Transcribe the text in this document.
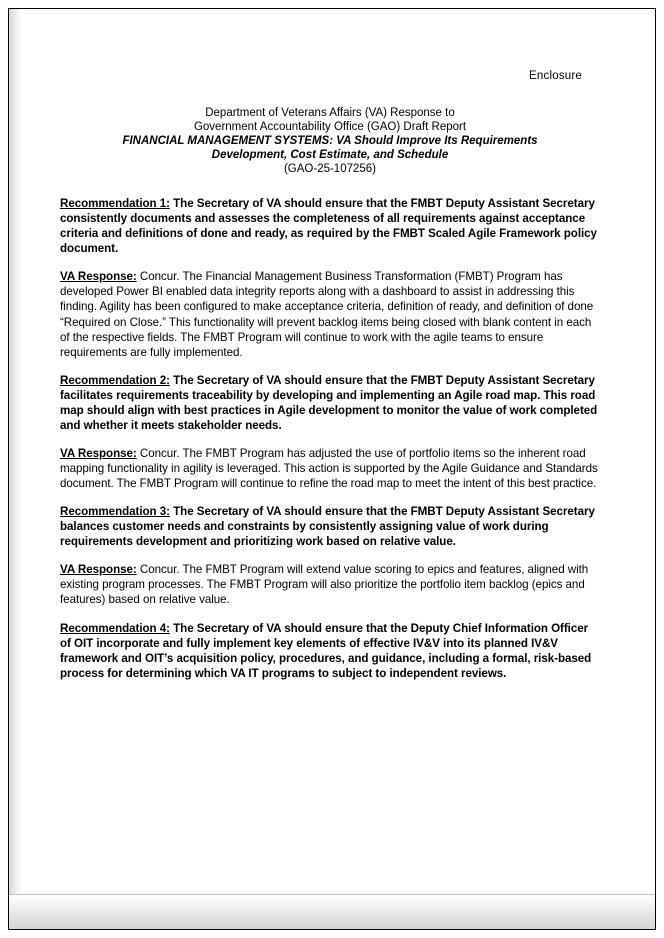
Enclosure
Department of Veterans Affairs (VA) Response to
Government Accountability Office (GAO) Draft Report
FINANCIAL MANAGEMENT SYSTEMS: VA Should Improve Its Requirements
Development, Cost Estimate, and Schedule
(GAO-25-107256)

Recommendation 1: The Secretary of VA should ensure that the FMBT Deputy Assistant Secretary consistently documents and assesses the completeness of all requirements against acceptance criteria and definitions of done and ready, as required by the FMBT Scaled Agile Framework policy document.

VA Response: Concur. The Financial Management Business Transformation (FMBT) Program has developed Power BI enabled data integrity reports along with a dashboard to assist in addressing this finding. Agility has been configured to make acceptance criteria, definition of ready, and definition of done “Required on Close.” This functionality will prevent backlog items being closed with blank content in each of the respective fields. The FMBT Program will continue to work with the agile teams to ensure requirements are fully implemented.

Recommendation 2: The Secretary of VA should ensure that the FMBT Deputy Assistant Secretary facilitates requirements traceability by developing and implementing an Agile road map. This road map should align with best practices in Agile development to monitor the value of work completed and whether it meets stakeholder needs.

VA Response: Concur. The FMBT Program has adjusted the use of portfolio items so the inherent road mapping functionality in agility is leveraged. This action is supported by the Agile Guidance and Standards document. The FMBT Program will continue to refine the road map to meet the intent of this best practice.

Recommendation 3: The Secretary of VA should ensure that the FMBT Deputy Assistant Secretary balances customer needs and constraints by consistently assigning value of work during requirements development and prioritizing work based on relative value.

VA Response: Concur. The FMBT Program will extend value scoring to epics and features, aligned with existing program processes. The FMBT Program will also prioritize the portfolio item backlog (epics and features) based on relative value.

Recommendation 4: The Secretary of VA should ensure that the Deputy Chief Information Officer of OIT incorporate and fully implement key elements of effective IV&V into its planned IV&V framework and OIT’s acquisition policy, procedures, and guidance, including a formal, risk-based process for determining which VA IT programs to subject to independent reviews.
